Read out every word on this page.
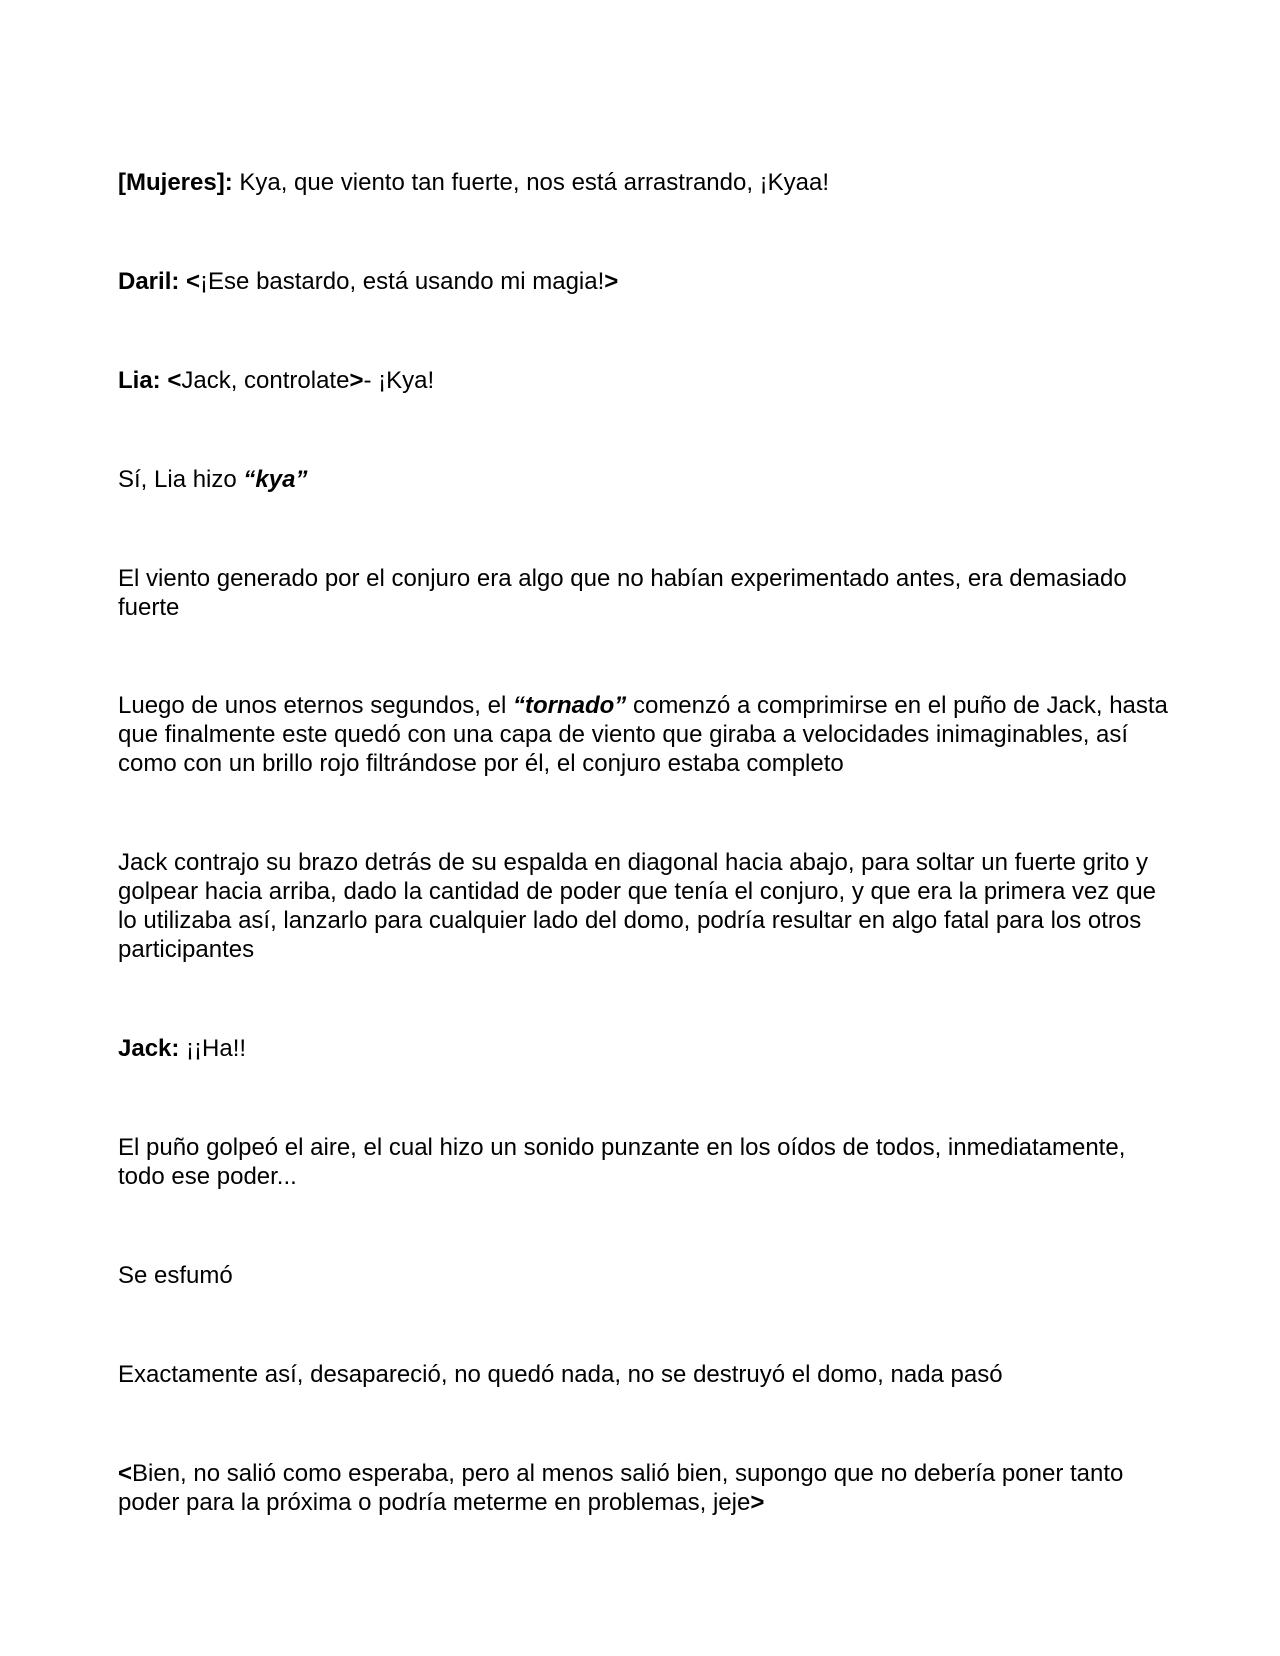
[Mujeres]: Kya, que viento tan fuerte, nos está arrastrando, ¡Kyaa!

Daril: <¡Ese bastardo, está usando mi magia!>

Lia: <Jack, controlate>- ¡Kya!

Sí, Lia hizo “kya”

El viento generado por el conjuro era algo que no habían experimentado antes, era demasiado fuerte

Luego de unos eternos segundos, el “tornado” comenzó a comprimirse en el puño de Jack, hasta que finalmente este quedó con una capa de viento que giraba a velocidades inimaginables, así como con un brillo rojo filtrándose por él, el conjuro estaba completo

Jack contrajo su brazo detrás de su espalda en diagonal hacia abajo, para soltar un fuerte grito y golpear hacia arriba, dado la cantidad de poder que tenía el conjuro, y que era la primera vez que lo utilizaba así, lanzarlo para cualquier lado del domo, podría resultar en algo fatal para los otros participantes

Jack: ¡¡Ha!!

El puño golpeó el aire, el cual hizo un sonido punzante en los oídos de todos, inmediatamente, todo ese poder...

Se esfumó

Exactamente así, desapareció, no quedó nada, no se destruyó el domo, nada pasó

<Bien, no salió como esperaba, pero al menos salió bien, supongo que no debería poner tanto poder para la próxima o podría meterme en problemas, jeje>
